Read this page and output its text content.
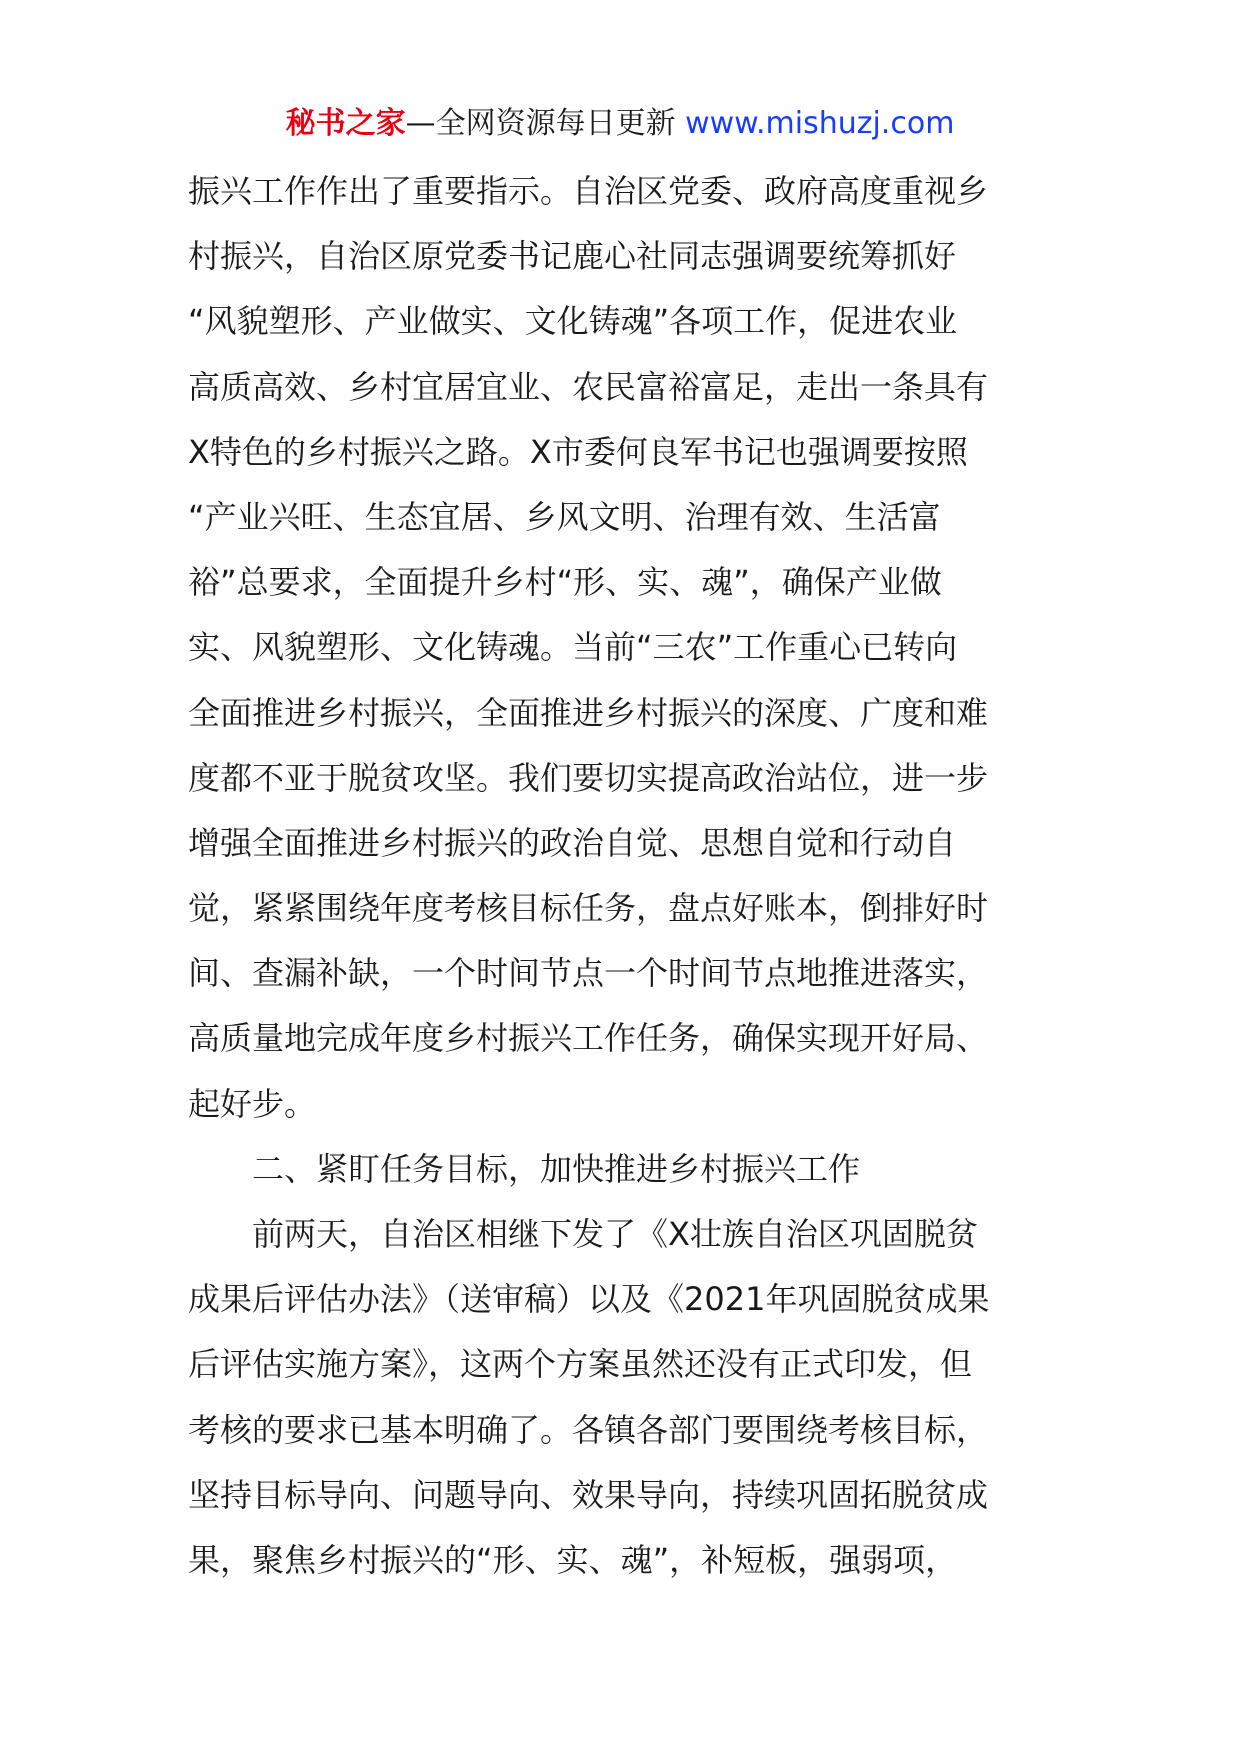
秘书之家—全网资源每日更新 www.mishuzj.com
振兴工作作出了重要指示。自治区党委、政府高度重视乡
村振兴，自治区原党委书记鹿心社同志强调要统筹抓好
“风貌塑形、产业做实、文化铸魂”各项工作，促进农业
高质高效、乡村宜居宜业、农民富裕富足，走出一条具有
X特色的乡村振兴之路。X市委何良军书记也强调要按照
“产业兴旺、生态宜居、乡风文明、治理有效、生活富
裕”总要求，全面提升乡村“形、实、魂”，确保产业做
实、风貌塑形、文化铸魂。当前“三农”工作重心已转向
全面推进乡村振兴，全面推进乡村振兴的深度、广度和难
度都不亚于脱贫攻坚。我们要切实提高政治站位，进一步
增强全面推进乡村振兴的政治自觉、思想自觉和行动自
觉，紧紧围绕年度考核目标任务，盘点好账本，倒排好时
间、查漏补缺，一个时间节点一个时间节点地推进落实，
高质量地完成年度乡村振兴工作任务，确保实现开好局、
起好步。
二、紧盯任务目标，加快推进乡村振兴工作
前两天，自治区相继下发了《X壮族自治区巩固脱贫
成果后评估办法》（送审稿）以及《2021年巩固脱贫成果
后评估实施方案》，这两个方案虽然还没有正式印发，但
考核的要求已基本明确了。各镇各部门要围绕考核目标，
坚持目标导向、问题导向、效果导向，持续巩固拓脱贫成
果，聚焦乡村振兴的“形、实、魂”，补短板，强弱项，
